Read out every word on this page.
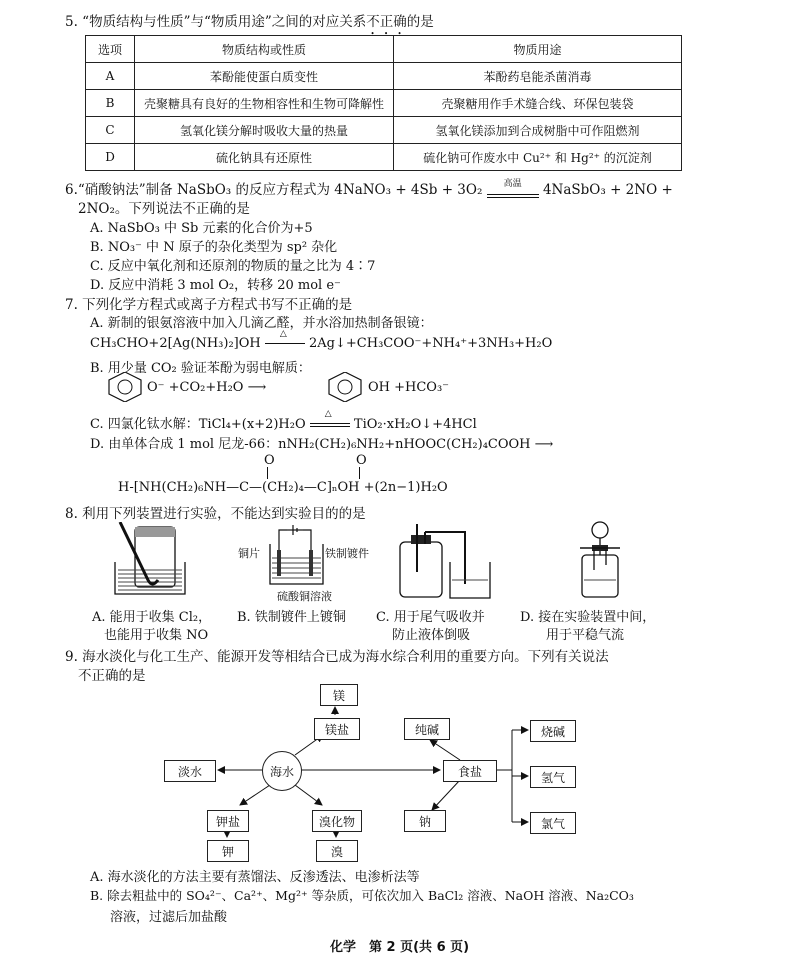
5. “物质结构与性质”与“物质用途”之间的对应关系不正确的是
选项	物质结构或性质	物质用途
A	苯酚能使蛋白质变性	苯酚药皂能杀菌消毒
B	壳聚糖具有良好的生物相容性和生物可降解性	壳聚糖用作手术缝合线、环保包装袋
C	氢氧化镁分解时吸收大量的热量	氢氧化镁添加到合成树脂中可作阻燃剂
D	硫化钠具有还原性	硫化钠可作废水中 Cu²⁺ 和 Hg²⁺ 的沉淀剂
6.“硝酸钠法”制备 NaSbO₃ 的反应方程式为 4NaNO₃ + 4Sb + 3O₂	高温	4NaSbO₃ + 2NO +
2NO₂。下列说法不正确的是
A. NaSbO₃ 中 Sb 元素的化合价为+5
B. NO₃⁻ 中 N 原子的杂化类型为 sp² 杂化
C. 反应中氧化剂和还原剂的物质的量之比为 4∶7
D. 反应中消耗 3 mol O₂，转移 20 mol e⁻
7. 下列化学方程式或离子方程式书写不正确的是
A. 新制的银氨溶液中加入几滴乙醛，并水浴加热制备银镜：
CH₃CHO+2[Ag(NH₃)₂]OH
△
2Ag↓+CH₃COO⁻+NH₄⁺+3NH₃+H₂O
B. 用少量 CO₂ 验证苯酚为弱电解质：
O⁻ +CO₂+H₂O ⟶	OH +HCO₃⁻
C. 四氯化钛水解：TiCl₄+(x+2)H₂O
△
TiO₂·xH₂O↓+4HCl
D. 由单体合成 1 mol 尼龙-66：nNH₂(CH₂)₆NH₂+nHOOC(CH₂)₄COOH ⟶
O	O
H-[NH(CH₂)₆NH—C—(CH₂)₄—C]ₙOH +(2n−1)H₂O
8. 利用下列装置进行实验，不能达到实验目的的是
铜片	铁制镀件
硫酸铜溶液
A. 能用于收集 Cl₂，
也能用于收集 NO
B. 铁制镀件上镀铜 C. 用于尾气吸收并
防止液体倒吸
D. 接在实验装置中间，
用于平稳气流
9. 海水淡化与化工生产、能源开发等相结合已成为海水综合利用的重要方向。下列有关说法
不正确的是
镁
镁盐
淡水	海水
钾盐	溴化物
钾	溴
食盐
纯碱
钠
烧碱
氢气
氯气
A. 海水淡化的方法主要有蒸馏法、反渗透法、电渗析法等
B. 除去粗盐中的 SO₄²⁻、Ca²⁺、Mg²⁺ 等杂质，可依次加入 BaCl₂ 溶液、NaOH 溶液、Na₂CO₃
溶液，过滤后加盐酸
化学　第 2 页(共 6 页)
